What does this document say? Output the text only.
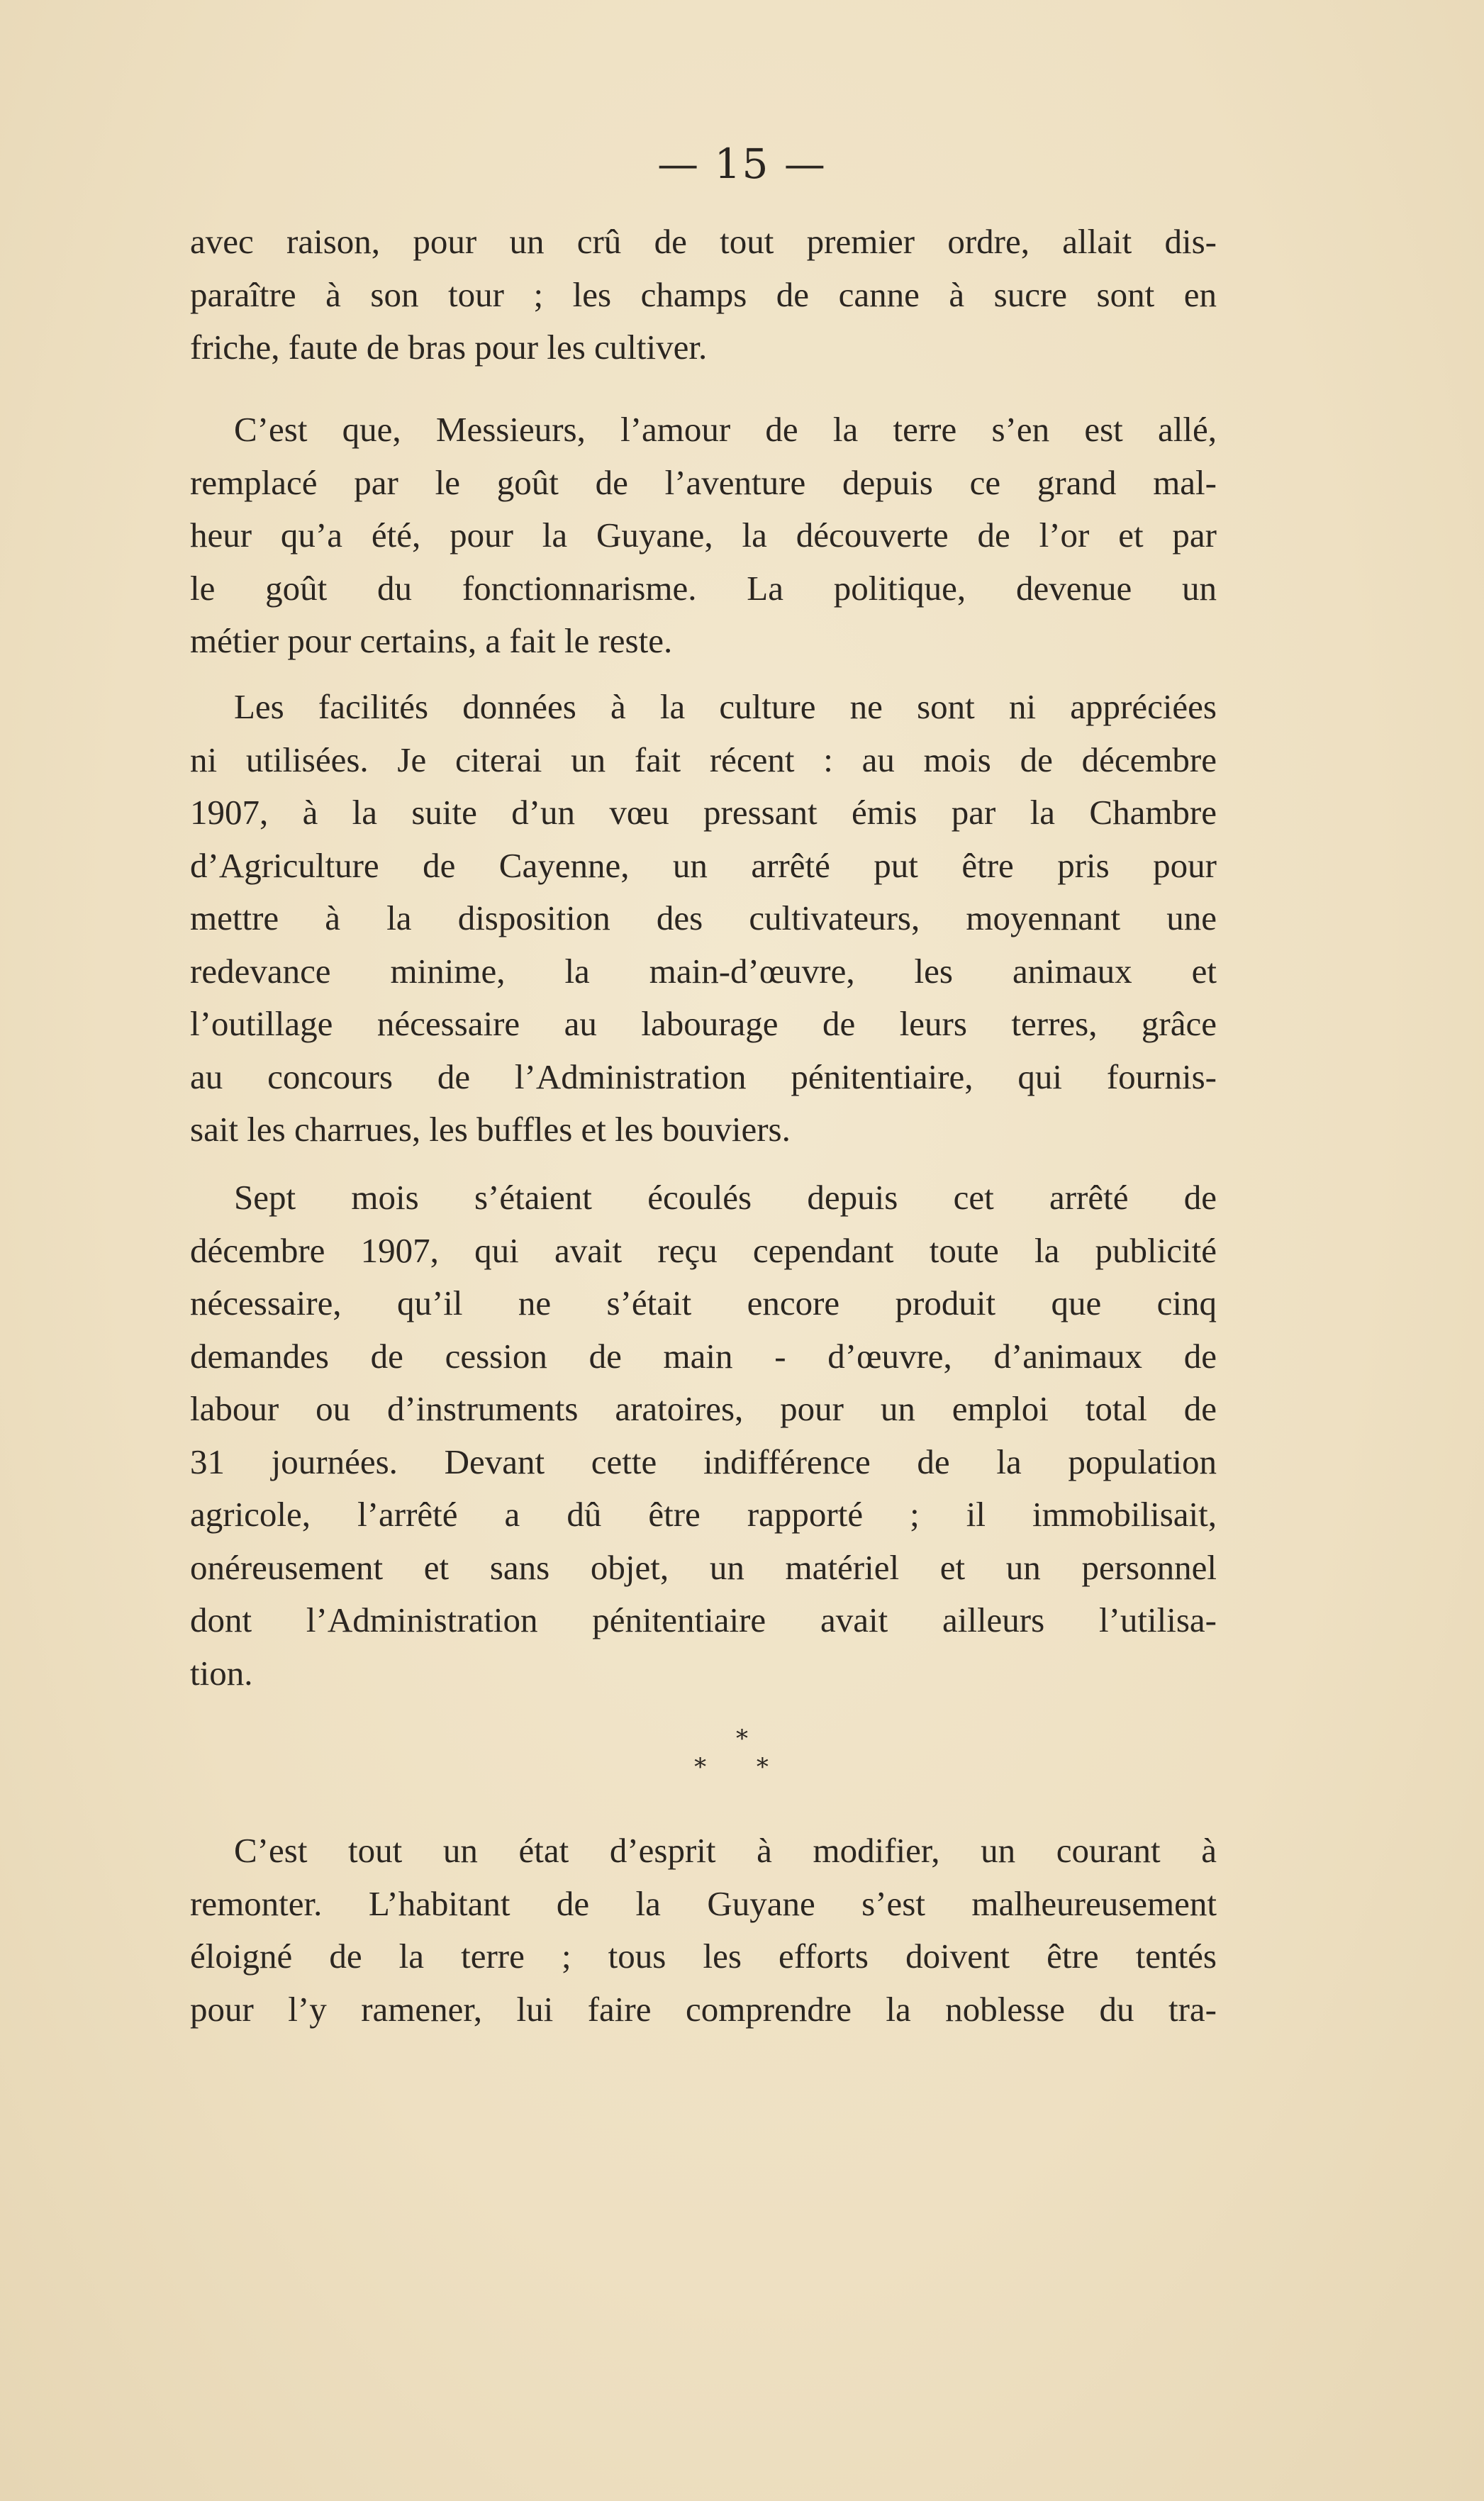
— 15 —
avec raison, pour un crû de tout premier ordre, allait dis-
paraître à son tour ; les champs de canne à sucre sont en
friche, faute de bras pour les cultiver.
C’est que, Messieurs, l’amour de la terre s’en est allé,
remplacé par le goût de l’aventure depuis ce grand mal-
heur qu’a été, pour la Guyane, la découverte de l’or et par
le goût du fonctionnarisme. La politique, devenue un
métier pour certains, a fait le reste.
Les facilités données à la culture ne sont ni appréciées
ni utilisées. Je citerai un fait récent : au mois de décembre
1907, à la suite d’un vœu pressant émis par la Chambre
d’Agriculture de Cayenne, un arrêté put être pris pour
mettre à la disposition des cultivateurs, moyennant une
redevance minime, la main-d’œuvre, les animaux et
l’outillage nécessaire au labourage de leurs terres, grâce
au concours de l’Administration pénitentiaire, qui fournis-
sait les charrues, les buffles et les bouviers.
Sept mois s’étaient écoulés depuis cet arrêté de
décembre 1907, qui avait reçu cependant toute la publicité
nécessaire, qu’il ne s’était encore produit que cinq
demandes de cession de main - d’œuvre, d’animaux de
labour ou d’instruments aratoires, pour un emploi total de
31 journées. Devant cette indifférence de la population
agricole, l’arrêté a dû être rapporté ; il immobilisait,
onéreusement et sans objet, un matériel et un personnel
dont l’Administration pénitentiaire avait ailleurs l’utilisa-
tion.
*
* *
C’est tout un état d’esprit à modifier, un courant à
remonter. L’habitant de la Guyane s’est malheureusement
éloigné de la terre ; tous les efforts doivent être tentés
pour l’y ramener, lui faire comprendre la noblesse du tra-
